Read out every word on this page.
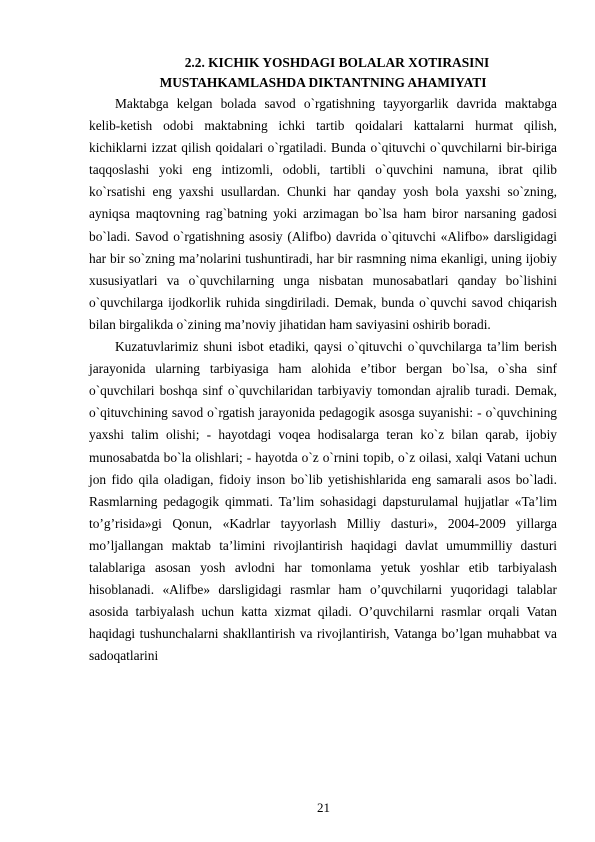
2.2. KICHIK YOSHDAGI BOLALAR XOTIRASINI
MUSTAHKAMLASHDA DIKTANTNING AHAMIYATI

Maktabga kelgan bolada savod o`rgatishning tayyorgarlik davrida maktabga kelib-ketish odobi maktabning ichki tartib qoidalari kattalarni hurmat qilish, kichiklarni izzat qilish qoidalari o`rgatiladi. Bunda o`qituvchi o`quvchilarni bir-biriga taqqoslashi yoki eng intizomli, odobli, tartibli o`quvchini namuna, ibrat qilib ko`rsatishi eng yaxshi usullardan. Chunki har qanday yosh bola yaxshi so`zning, ayniqsa maqtovning rag`batning yoki arzimagan bo`lsa ham biror narsaning gadosi bo`ladi. Savod o`rgatishning asosiy (Alifbo) davrida o`qituvchi «Alifbo» darsligidagi har bir so`zning ma’nolarini tushuntiradi, har bir rasmning nima ekanligi, uning ijobiy xususiyatlari va o`quvchilarning unga nisbatan munosabatlari qanday bo`lishini o`quvchilarga ijodkorlik ruhida singdiriladi. Demak, bunda o`quvchi savod chiqarish bilan birgalikda o`zining ma’noviy jihatidan ham saviyasini oshirib boradi.

Kuzatuvlarimiz shuni isbot etadiki, qaysi o`qituvchi o`quvchilarga ta’lim berish jarayonida ularning tarbiyasiga ham alohida e’tibor bergan bo`lsa, o`sha sinf o`quvchilari boshqa sinf o`quvchilaridan tarbiyaviy tomondan ajralib turadi. Demak, o`qituvchining savod o`rgatish jarayonida pedagogik asosga suyanishi: - o`quvchining yaxshi talim olishi; - hayotdagi voqea hodisalarga teran ko`z bilan qarab, ijobiy munosabatda bo`la olishlari; - hayotda o`z o`rnini topib, o`z oilasi, xalqi Vatani uchun jon fido qila oladigan, fidoiy inson bo`lib yetishishlarida eng samarali asos bo`ladi. Rasmlarning pedagogik qimmati. Ta’lim sohasidagi dapsturulamal hujjatlar «Ta’lim to’g’risida»gi Qonun, «Kadrlar tayyorlash Milliy dasturi», 2004-2009 yillarga mo’ljallangan maktab ta’limini rivojlantirish haqidagi davlat umummilliy dasturi talablariga asosan yosh avlodni har tomonlama yetuk yoshlar etib tarbiyalash hisoblanadi. «Alifbe» darsligidagi rasmlar ham o’quvchilarni yuqoridagi talablar asosida tarbiyalash uchun katta xizmat qiladi. O’quvchilarni rasmlar orqali Vatan haqidagi tushunchalarni shakllantirish va rivojlantirish, Vatanga bo’lgan muhabbat va sadoqatlarini

21
